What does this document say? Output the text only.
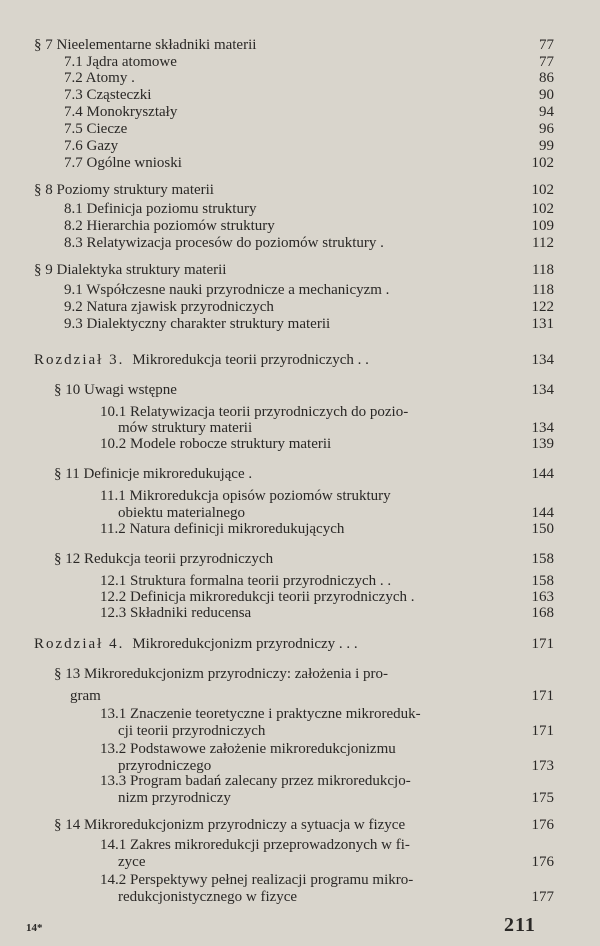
§ 7 Nieelementarne składniki materii	77
7.1 Jądra atomowe	77
7.2 Atomy .	86
7.3 Cząsteczki	90
7.4 Monokryształy	94
7.5 Ciecze	96
7.6 Gazy	99
7.7 Ogólne wnioski	102
§ 8 Poziomy struktury materii	102
8.1 Definicja poziomu struktury	102
8.2 Hierarchia poziomów struktury	109
8.3 Relatywizacja procesów do poziomów struktury .	112
§ 9 Dialektyka struktury materii	118
9.1 Współczesne nauki przyrodnicze a mechanicyzm .	118
9.2 Natura zjawisk przyrodniczych	122
9.3 Dialektyczny charakter struktury materii	131
Rozdział 3. Mikroredukcja teorii przyrodniczych . .	134
§ 10 Uwagi wstępne	134
10.1 Relatywizacja teorii przyrodniczych do pozio-
mów struktury materii	134
10.2 Modele robocze struktury materii	139
§ 11 Definicje mikroredukujące .	144
11.1 Mikroredukcja opisów poziomów struktury
obiektu materialnego	144
11.2 Natura definicji mikroredukujących	150
§ 12 Redukcja teorii przyrodniczych	158
12.1 Struktura formalna teorii przyrodniczych . .	158
12.2 Definicja mikroredukcji teorii przyrodniczych .	163
12.3 Składniki reducensa	168
Rozdział 4. Mikroredukcjonizm przyrodniczy . . .	171
§ 13 Mikroredukcjonizm przyrodniczy: założenia i pro-
gram	171
13.1 Znaczenie teoretyczne i praktyczne mikroreduk-
cji teorii przyrodniczych	171
13.2 Podstawowe założenie mikroredukcjonizmu
przyrodniczego	173
13.3 Program badań zalecany przez mikroredukcjo-
nizm przyrodniczy	175
§ 14 Mikroredukcjonizm przyrodniczy a sytuacja w fizyce	176
14.1 Zakres mikroredukcji przeprowadzonych w fi-
zyce	176
14.2 Perspektywy pełnej realizacji programu mikro-
redukcjonistycznego w fizyce	177
14*	211
